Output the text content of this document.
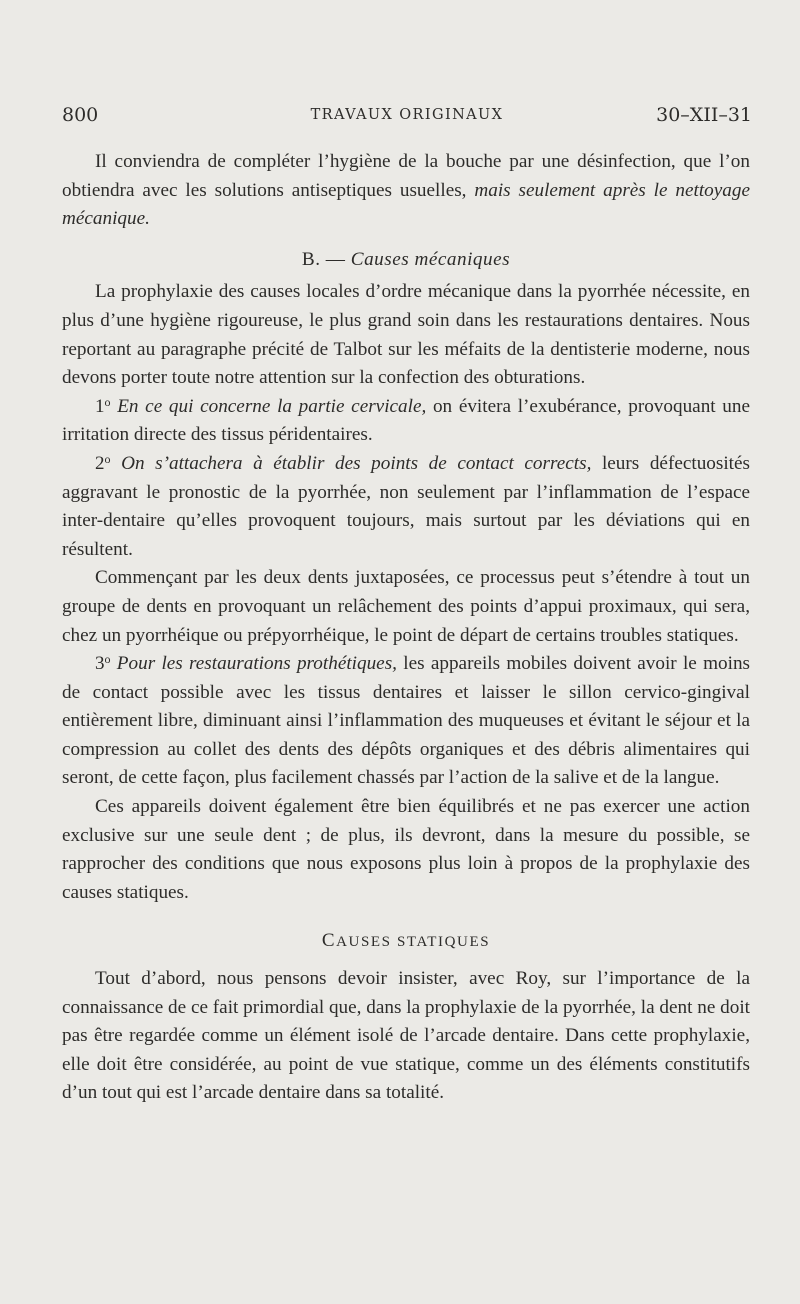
800	TRAVAUX ORIGINAUX	30–XII–31

Il conviendra de compléter l’hygiène de la bouche par une désinfection, que l’on obtiendra avec les solutions antiseptiques usuelles, mais seulement après le nettoyage mécanique.

B. — Causes mécaniques

La prophylaxie des causes locales d’ordre mécanique dans la pyorrhée nécessite, en plus d’une hygiène rigoureuse, le plus grand soin dans les restaurations dentaires. Nous reportant au paragraphe précité de Talbot sur les méfaits de la dentisterie moderne, nous devons porter toute notre attention sur la confection des obturations.

1$^o$ En ce qui concerne la partie cervicale, on évitera l’exubérance, provoquant une irritation directe des tissus péridentaires.

2$^o$ On s’attachera à établir des points de contact corrects, leurs défectuosités aggravant le pronostic de la pyorrhée, non seulement par l’inflammation de l’espace inter-dentaire qu’elles provoquent toujours, mais surtout par les déviations qui en résultent.

Commençant par les deux dents juxtaposées, ce processus peut s’étendre à tout un groupe de dents en provoquant un relâchement des points d’appui proximaux, qui sera, chez un pyorrhéique ou prépyorrhéique, le point de départ de certains troubles statiques.

3$^o$ Pour les restaurations prothétiques, les appareils mobiles doivent avoir le moins de contact possible avec les tissus dentaires et laisser le sillon cervico-gingival entièrement libre, diminuant ainsi l’inflammation des muqueuses et évitant le séjour et la compression au collet des dents des dépôts organiques et des débris alimentaires qui seront, de cette façon, plus facilement chassés par l’action de la salive et de la langue.

Ces appareils doivent également être bien équilibrés et ne pas exercer une action exclusive sur une seule dent ; de plus, ils devront, dans la mesure du possible, se rapprocher des conditions que nous exposons plus loin à propos de la prophylaxie des causes statiques.

CAUSES STATIQUES

Tout d’abord, nous pensons devoir insister, avec Roy, sur l’importance de la connaissance de ce fait primordial que, dans la prophylaxie de la pyorrhée, la dent ne doit pas être regardée comme un élément isolé de l’arcade dentaire. Dans cette prophylaxie, elle doit être considérée, au point de vue statique, comme un des éléments constitutifs d’un tout qui est l’arcade dentaire dans sa totalité.
